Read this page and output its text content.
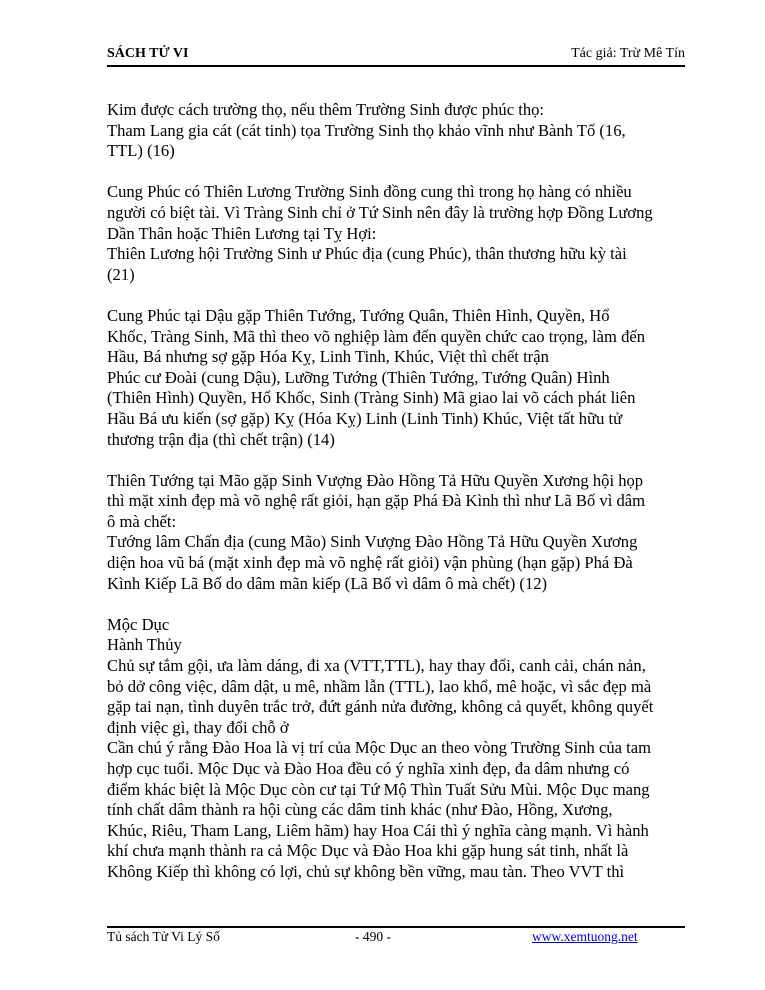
SÁCH TỬ VI	Tác giả: Trừ Mê Tín
Kim được cách trường thọ, nếu thêm Trường Sinh được phúc thọ:
Tham Lang gia cát (cát tinh) tọa Trường Sinh thọ khảo vĩnh như Bành Tổ (16,
TTL) (16)
Cung Phúc có Thiên Lương Trường Sinh đồng cung thì trong họ hàng có nhiều
người có biệt tài. Vì Tràng Sinh chỉ ở Tứ Sinh nên đây là trường hợp Đồng Lương
Dần Thân hoặc Thiên Lương tại Tỵ Hợi:
Thiên Lương hội Trường Sinh ư Phúc địa (cung Phúc), thân thương hữu kỳ tài
(21)
Cung Phúc tại Dậu gặp Thiên Tướng, Tướng Quân, Thiên Hình, Quyền, Hổ
Khốc, Tràng Sinh, Mã thì theo võ nghiệp làm đến quyền chức cao trọng, làm đến
Hầu, Bá nhưng sợ gặp Hóa Kỵ, Linh Tinh, Khúc, Việt thì chết trận
Phúc cư Đoài (cung Dậu), Lưỡng Tướng (Thiên Tướng, Tướng Quân) Hình
(Thiên Hình) Quyền, Hổ Khốc, Sinh (Tràng Sinh) Mã giao lai võ cách phát liên
Hầu Bá ưu kiến (sợ gặp) Kỵ (Hóa Kỵ) Linh (Linh Tinh) Khúc, Việt tất hữu tử
thương trận địa (thì chết trận) (14)
Thiên Tướng tại Mão gặp Sinh Vượng Đào Hồng Tả Hữu Quyền Xương hội họp
thì mặt xinh đẹp mà võ nghệ rất giỏi, hạn gặp Phá Đà Kình thì như Lã Bố vì dâm
ô mà chết:
Tướng lâm Chấn địa (cung Mão) Sinh Vượng Đào Hồng Tả Hữu Quyền Xương
diện hoa vũ bá (mặt xinh đẹp mà võ nghệ rất giỏi) vận phùng (hạn gặp) Phá Đà
Kình Kiếp Lã Bố do dâm mãn kiếp (Lã Bố vì dâm ô mà chết) (12)
Mộc Dục
Hành Thủy
Chủ sự tắm gội, ưa làm dáng, đi xa (VTT,TTL), hay thay đổi, canh cải, chán nản,
bỏ dở công việc, dâm dật, u mê, nhầm lẫn (TTL), lao khổ, mê hoặc, vì sắc đẹp mà
gặp tai nạn, tình duyên trắc trở, đứt gánh nửa đường, không cả quyết, không quyết
định việc gì, thay đổi chỗ ở
Cần chú ý rằng Đào Hoa là vị trí của Mộc Dục an theo vòng Trường Sinh của tam
hợp cục tuổi. Mộc Dục và Đào Hoa đều có ý nghĩa xinh đẹp, đa dâm nhưng có
điểm khác biệt là Mộc Dục còn cư tại Tứ Mộ Thìn Tuất Sửu Mùi. Mộc Dục mang
tính chất dâm thành ra hội cùng các dâm tinh khác (như Đào, Hồng, Xương,
Khúc, Riêu, Tham Lang, Liêm hãm) hay Hoa Cái thì ý nghĩa càng mạnh. Vì hành
khí chưa mạnh thành ra cả Mộc Dục và Đào Hoa khi gặp hung sát tinh, nhất là
Không Kiếp thì không có lợi, chủ sự không bền vững, mau tàn. Theo VVT thì
Tủ sách Tử Vi Lý Số	- 490 -	www.xemtuong.net
